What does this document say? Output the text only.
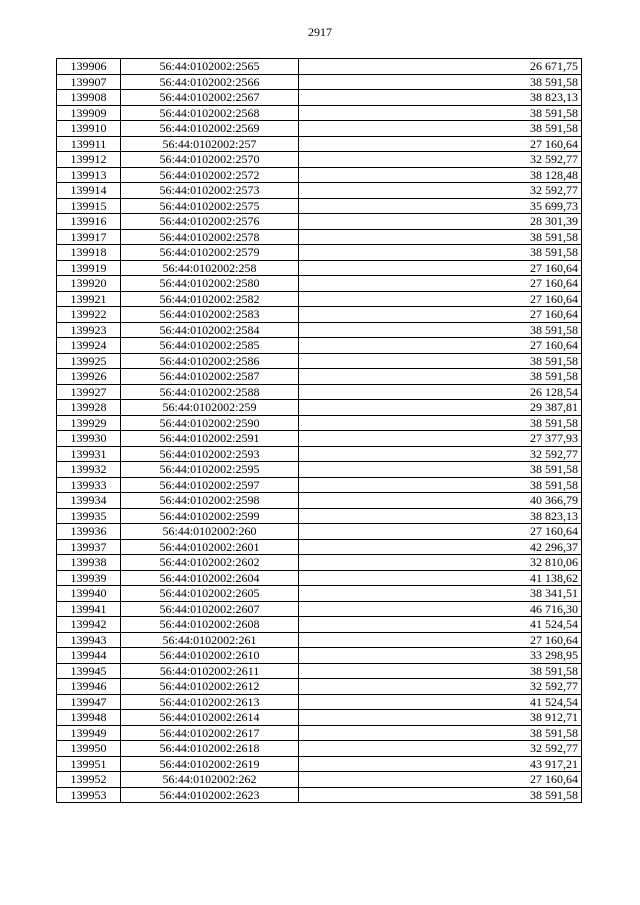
2917
139906	56:44:0102002:2565	26 671,75
139907	56:44:0102002:2566	38 591,58
139908	56:44:0102002:2567	38 823,13
139909	56:44:0102002:2568	38 591,58
139910	56:44:0102002:2569	38 591,58
139911	56:44:0102002:257	27 160,64
139912	56:44:0102002:2570	32 592,77
139913	56:44:0102002:2572	38 128,48
139914	56:44:0102002:2573	32 592,77
139915	56:44:0102002:2575	35 699,73
139916	56:44:0102002:2576	28 301,39
139917	56:44:0102002:2578	38 591,58
139918	56:44:0102002:2579	38 591,58
139919	56:44:0102002:258	27 160,64
139920	56:44:0102002:2580	27 160,64
139921	56:44:0102002:2582	27 160,64
139922	56:44:0102002:2583	27 160,64
139923	56:44:0102002:2584	38 591,58
139924	56:44:0102002:2585	27 160,64
139925	56:44:0102002:2586	38 591,58
139926	56:44:0102002:2587	38 591,58
139927	56:44:0102002:2588	26 128,54
139928	56:44:0102002:259	29 387,81
139929	56:44:0102002:2590	38 591,58
139930	56:44:0102002:2591	27 377,93
139931	56:44:0102002:2593	32 592,77
139932	56:44:0102002:2595	38 591,58
139933	56:44:0102002:2597	38 591,58
139934	56:44:0102002:2598	40 366,79
139935	56:44:0102002:2599	38 823,13
139936	56:44:0102002:260	27 160,64
139937	56:44:0102002:2601	42 296,37
139938	56:44:0102002:2602	32 810,06
139939	56:44:0102002:2604	41 138,62
139940	56:44:0102002:2605	38 341,51
139941	56:44:0102002:2607	46 716,30
139942	56:44:0102002:2608	41 524,54
139943	56:44:0102002:261	27 160,64
139944	56:44:0102002:2610	33 298,95
139945	56:44:0102002:2611	38 591,58
139946	56:44:0102002:2612	32 592,77
139947	56:44:0102002:2613	41 524,54
139948	56:44:0102002:2614	38 912,71
139949	56:44:0102002:2617	38 591,58
139950	56:44:0102002:2618	32 592,77
139951	56:44:0102002:2619	43 917,21
139952	56:44:0102002:262	27 160,64
139953	56:44:0102002:2623	38 591,58
